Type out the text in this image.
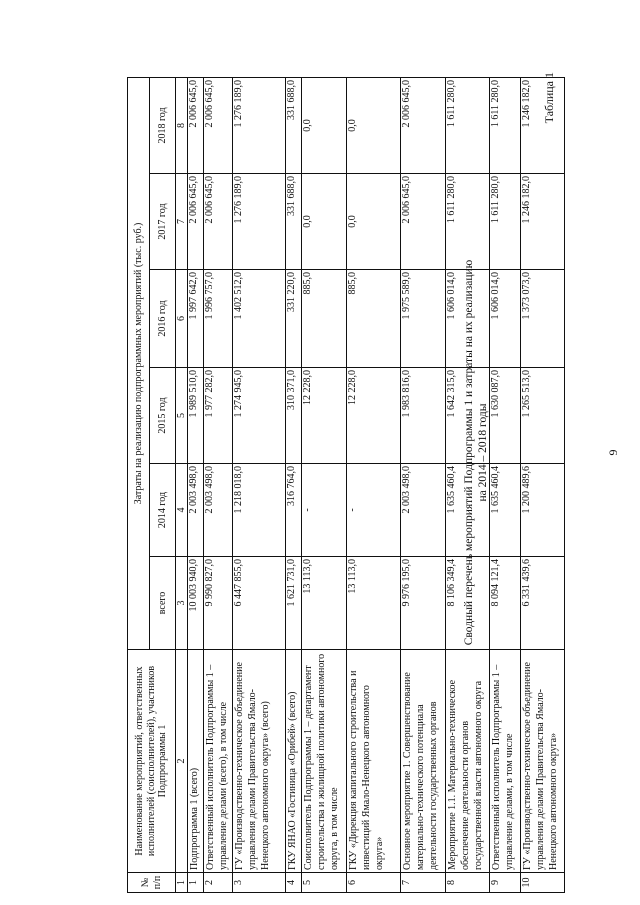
9
Таблица 1
Сводный перечень мероприятий Подпрограммы 1 и затраты на их реализацию на 2014 – 2018 годы
№ п/п	Наименование мероприятий, ответственных исполнителей (соисполнителей), участников Подпрограммы 1	Затраты на реализацию подпрограммных мероприятий (тыс. руб.)					
		всего	2014 год	2015 год	2016 год	2017 год	2018 год
1	2	3	4	5	6	7	8
1	Подпрограмма 1 (всего)	10 003 940,0	2 003 498,0	1 989 510,0	1 997 642,0	2 006 645,0	2 006 645,0
2	Ответственный исполнитель Подпрограммы 1 – управление делами (всего), в том числе	9 990 827,0	2 003 498,0	1 977 282,0	1 996 757,0	2 006 645,0	2 006 645,0
3	ГУ «Производственно-техническое объединение управления делами Правительства Ямало-Ненецкого автономного округа» (всего)	6 447 855,0	1 218 018,0	1 274 945,0	1 402 512,0	1 276 189,0	1 276 189,0
4	ГКУ ЯНАО «Гостиница «Орибей» (всего)	1 621 731,0	316 764,0	310 371,0	331 220,0	331 688,0	331 688,0
5	Соисполнитель Подпрограммы 1 – департамент строительства и жилищной политики автономного округа, в том числе	13 113,0	-	12 228,0	885,0	0,0	0,0
6	ГКУ «Дирекция капитального строительства и инвестиций Ямало-Ненецкого автономного округа»	13 113,0	-	12 228,0	885,0	0,0	0,0
7	Основное мероприятие 1. Совершенствование материально-технического потенциала деятельности государственных органов	9 976 195,0	2 003 498,0	1 983 816,0	1 975 589,0	2 006 645,0	2 006 645,0
8	Мероприятие 1.1. Материально-техническое обеспечение деятельности органов государственной власти автономного округа	8 106 349,4	1 635 460,4	1 642 315,0	1 606 014,0	1 611 280,0	1 611 280,0
9	Ответственный исполнитель Подпрограммы 1 – управление делами, в том числе	8 094 121,4	1 635 460,4	1 630 087,0	1 606 014,0	1 611 280,0	1 611 280,0
10	ГУ «Производственно-техническое объединение управления делами Правительства Ямало-Ненецкого автономного округа»	6 331 439,6	1 200 489,6	1 265 513,0	1 373 073,0	1 246 182,0	1 246 182,0
